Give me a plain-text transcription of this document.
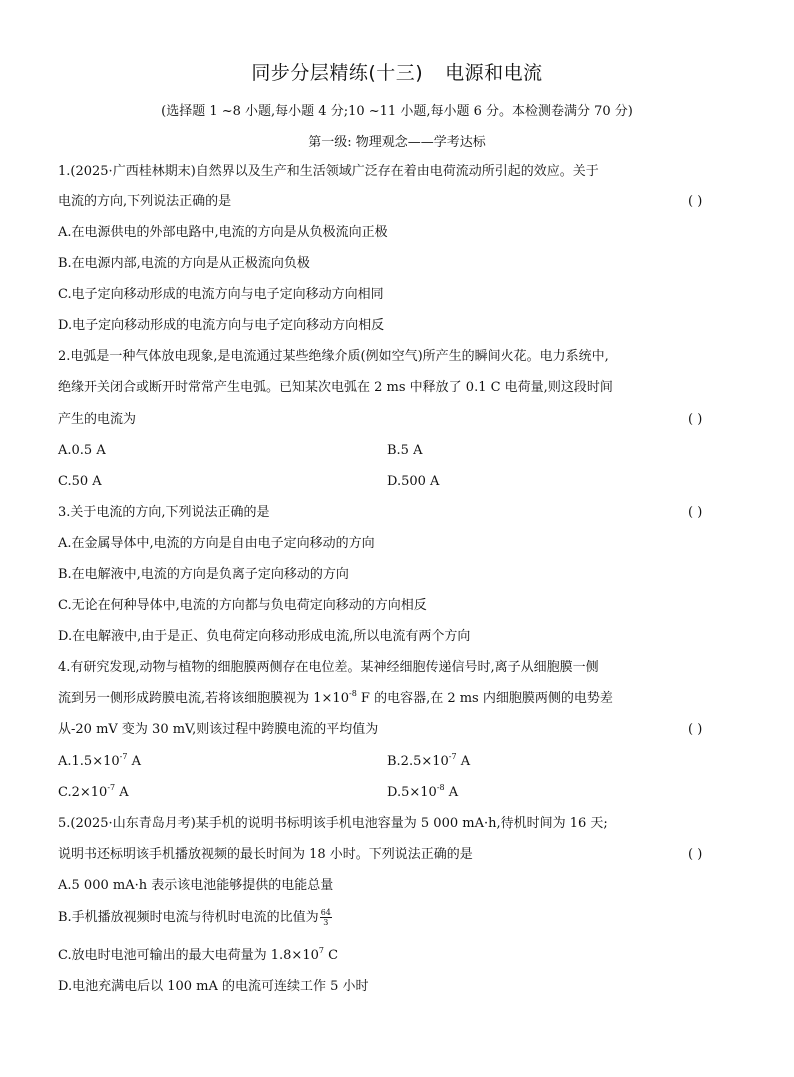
同步分层精练(十三) 电源和电流
(选择题 1 ~8 小题,每小题 4 分;10 ~11 小题,每小题 6 分。本检测卷满分 70 分)
第一级: 物理观念——学考达标
1.(2025·广西桂林期末)自然界以及生产和生活领域广泛存在着由电荷流动所引起的效应。关于
电流的方向,下列说法正确的是	( )
A.在电源供电的外部电路中,电流的方向是从负极流向正极
B.在电源内部,电流的方向是从正极流向负极
C.电子定向移动形成的电流方向与电子定向移动方向相同
D.电子定向移动形成的电流方向与电子定向移动方向相反
2.电弧是一种气体放电现象,是电流通过某些绝缘介质(例如空气)所产生的瞬间火花。电力系统中,
绝缘开关闭合或断开时常常产生电弧。已知某次电弧在 2 ms 中释放了 0.1 C 电荷量,则这段时间
产生的电流为	( )
A.0.5 A	B.5 A
C.50 A	D.500 A
3.关于电流的方向,下列说法正确的是	( )
A.在金属导体中,电流的方向是自由电子定向移动的方向
B.在电解液中,电流的方向是负离子定向移动的方向
C.无论在何种导体中,电流的方向都与负电荷定向移动的方向相反
D.在电解液中,由于是正、负电荷定向移动形成电流,所以电流有两个方向
4.有研究发现,动物与植物的细胞膜两侧存在电位差。某神经细胞传递信号时,离子从细胞膜一侧
流到另一侧形成跨膜电流,若将该细胞膜视为 $1\times 10^{-8}$ F 的电容器,在 2 ms 内细胞膜两侧的电势差
从-20 mV 变为 30 mV,则该过程中跨膜电流的平均值为	( )
$A.1.5\times 10^{-7}$ A	$B.2.5\times 10^{-7}$ A
$C.2\times 10^{-7}$ A	$D.5\times 10^{-8}$ A
5.(2025·山东青岛月考)某手机的说明书标明该手机电池容量为 5 000 mA·h,待机时间为 16 天;
说明书还标明该手机播放视频的最长时间为 18 小时。下列说法正确的是	( )
A.5 000 mA·h 表示该电池能够提供的电能总量
B.手机播放视频时电流与待机时电流的比值为 $\frac{64}{3}$
C.放电时电池可输出的最大电荷量为 $1.8\times 10^7$ C
D.电池充满电后以 100 mA 的电流可连续工作 5 小时
